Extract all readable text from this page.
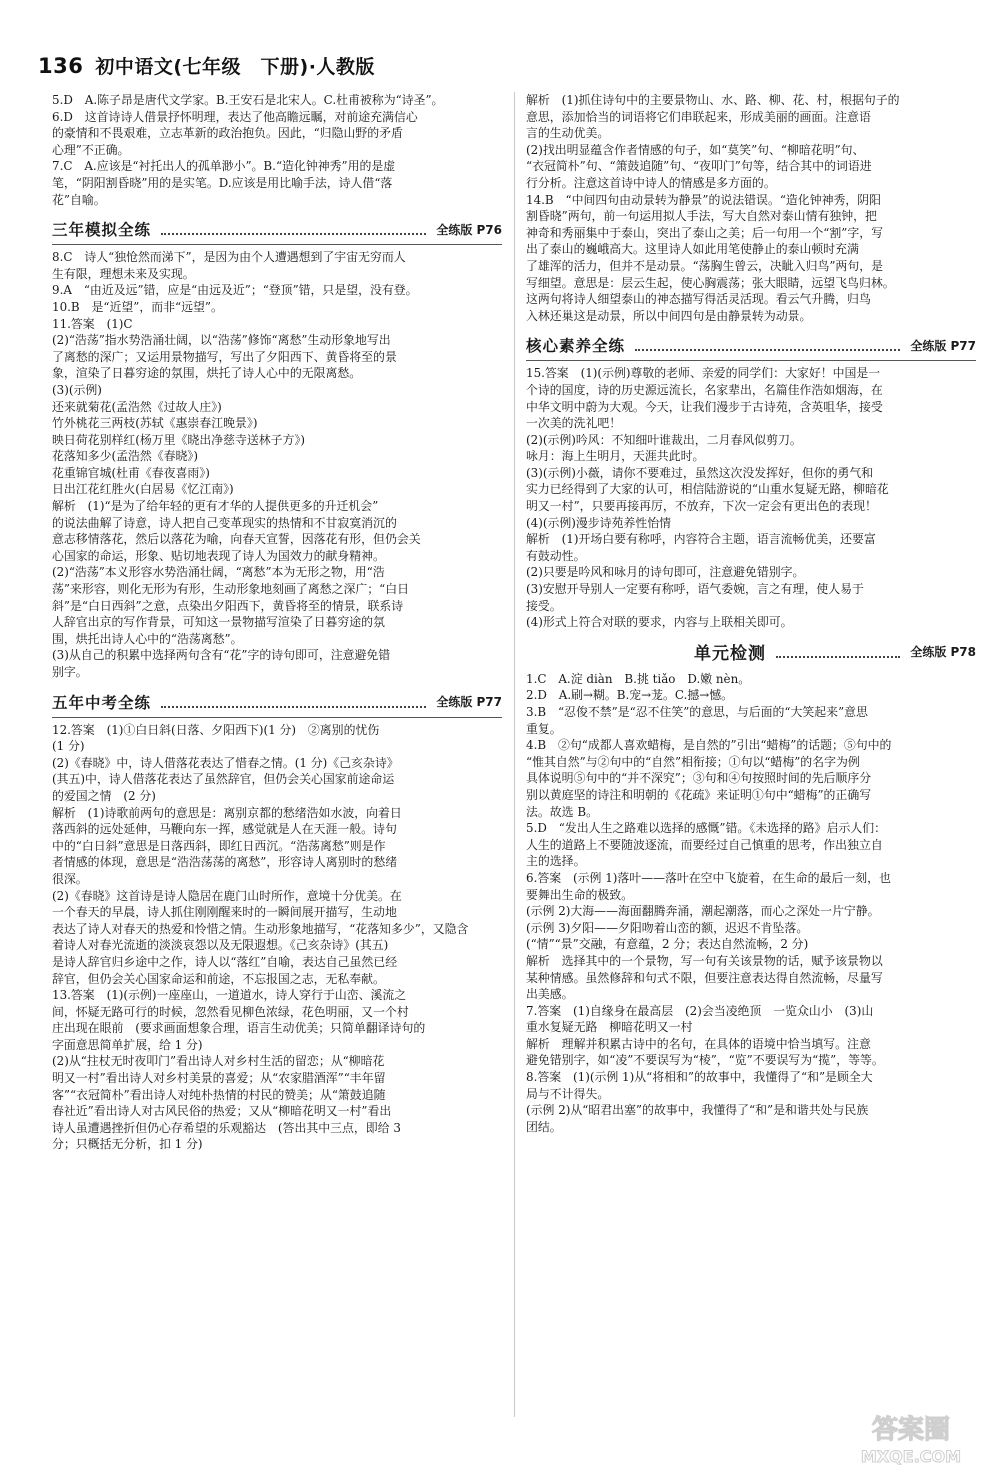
136 初中语文(七年级　下册)·人教版

5.D　A.陈子昂是唐代文学家。B.王安石是北宋人。C.杜甫被称为“诗圣”。

6.D　这首诗诗人借景抒怀明理，表达了他高瞻远瞩，对前途充满信心

的豪情和不畏艰难，立志革新的政治抱负。因此，“归隐山野的矛盾

心理”不正确。

7.C　A.应该是“衬托出人的孤单渺小”。B.“造化钟神秀”用的是虚

笔，“阴阳割昏晓”用的是实笔。D.应该是用比喻手法，诗人借“落

花”自喻。

三年模拟全练	全练版 P76

8.C　诗人“独怆然而涕下”，是因为由个人遭遇想到了宇宙无穷而人

生有限，理想未来及实现。

9.A　“由近及远”错，应是“由远及近”；“登顶”错，只是望，没有登。

10.B　是“近望”，而非“远望”。

11.答案　(1)C

(2)“浩荡”指水势浩涌壮阔，以“浩荡”修饰“离愁”生动形象地写出

了离愁的深广；又运用景物描写，写出了夕阳西下、黄昏将至的景

象，渲染了日暮穷途的氛围，烘托了诗人心中的无限离愁。

(3)(示例)

还来就菊花(孟浩然《过故人庄》)

竹外桃花三两枝(苏轼《惠崇春江晚景》)

映日荷花别样红(杨万里《晓出净慈寺送林子方》)

花落知多少(孟浩然《春晓》)

花重锦官城(杜甫《春夜喜雨》)

日出江花红胜火(白居易《忆江南》)

解析　(1)“是为了给年轻的更有才华的人提供更多的升迁机会”

的说法曲解了诗意，诗人把自己变革现实的热情和不甘寂寞消沉的

意志移情落花，然后以落花为喻，向春天宣誓，因落花有形，但仍会关

心国家的命运，形象、贴切地表现了诗人为国效力的献身精神。

(2)“浩荡”本义形容水势浩涌壮阔，“离愁”本为无形之物，用“浩

荡”来形容，则化无形为有形，生动形象地刻画了离愁之深广；“白日

斜”是“白日西斜”之意，点染出夕阳西下，黄昏将至的情景，联系诗

人辞官出京的写作背景，可知这一景物描写渲染了日暮穷途的氛

围，烘托出诗人心中的“浩荡离愁”。

(3)从自己的积累中选择两句含有“花”字的诗句即可，注意避免错

别字。

五年中考全练	全练版 P77

12.答案　(1)①白日斜(日落、夕阳西下)(1 分)　②离别的忧伤

(1 分)

(2)《春晓》中，诗人借落花表达了惜春之情。(1 分)《己亥杂诗》

(其五)中，诗人借落花表达了虽然辞官，但仍会关心国家前途命运

的爱国之情　(2 分)

解析　(1)诗歌前两句的意思是：离别京都的愁绪浩如水波，向着日

落西斜的远处延伸，马鞭向东一挥，感觉就是人在天涯一般。诗句

中的“白日斜”意思是日落西斜，即红日西沉。“浩荡离愁”则是作

者情感的体现，意思是“浩浩荡荡的离愁”，形容诗人离别时的愁绪

很深。

(2)《春晓》这首诗是诗人隐居在鹿门山时所作，意境十分优美。在

一个春天的早晨，诗人抓住刚刚醒来时的一瞬间展开描写，生动地

表达了诗人对春天的热爱和怜惜之情。生动形象地描写，“花落知多少”，又隐含

着诗人对春光流逝的淡淡哀怨以及无限遐想。《己亥杂诗》(其五)

是诗人辞官归乡途中之作，诗人以“落红”自喻，表达自己虽然已经

辞官，但仍会关心国家命运和前途，不忘报国之志，无私奉献。

13.答案　(1)(示例)一座座山，一道道水，诗人穿行于山峦、溪流之

间，怀疑无路可行的时候，忽然看见柳色浓绿，花色明丽，又一个村

庄出现在眼前　(要求画面想象合理，语言生动优美；只简单翻译诗句的

字面意思简单扩展，给 1 分)

(2)从“拄杖无时夜叩门”看出诗人对乡村生活的留恋；从“柳暗花

明又一村”看出诗人对乡村美景的喜爱；从“农家腊酒浑”“丰年留

客”“衣冠简朴”看出诗人对纯朴热情的村民的赞美；从“箫鼓追随

春社近”看出诗人对古风民俗的热爱；又从“柳暗花明又一村”看出

诗人虽遭遇挫折但仍心存希望的乐观豁达　(答出其中三点，即给 3

分；只概括无分析，扣 1 分)

解析　(1)抓住诗句中的主要景物山、水、路、柳、花、村，根据句子的

意思，添加恰当的词语将它们串联起来，形成美丽的画面。注意语

言的生动优美。

(2)找出明显蕴含作者情感的句子，如“莫笑”句、“柳暗花明”句、

“衣冠简朴”句、“箫鼓追随”句、“夜叩门”句等，结合其中的词语进

行分析。注意这首诗中诗人的情感是多方面的。

14.B　“中间四句由动景转为静景”的说法错误。“造化钟神秀，阴阳

割昏晓”两句，前一句运用拟人手法，写大自然对泰山情有独钟，把

神奇和秀丽集中于泰山，突出了泰山之美；后一句用一个“割”字，写

出了泰山的巍峨高大。这里诗人如此用笔使静止的泰山顿时充满

了雄浑的活力，但并不是动景。“荡胸生曾云，决眦入归鸟”两句，是

写细望。意思是：层云生起，使心胸震荡；张大眼睛，远望飞鸟归林。

这两句将诗人细望泰山的神态描写得活灵活现。看云气升腾，归鸟

入林还巢这是动景，所以中间四句是由静景转为动景。

核心素养全练	全练版 P77

15.答案　(1)(示例)尊敬的老师、亲爱的同学们：大家好！中国是一

个诗的国度，诗的历史源远流长，名家辈出，名篇佳作浩如烟海，在

中华文明中蔚为大观。今天，让我们漫步于古诗苑，含英咀华，接受

一次美的洗礼吧！

(2)(示例)吟风：不知细叶谁裁出，二月春风似剪刀。

咏月：海上生明月，天涯共此时。

(3)(示例)小薇，请你不要难过，虽然这次没发挥好，但你的勇气和

实力已经得到了大家的认可，相信陆游说的“山重水复疑无路，柳暗花

明又一村”，只要再接再厉，不放弃，下次一定会有更出色的表现！

(4)(示例)漫步诗苑养性怡情

解析　(1)开场白要有称呼，内容符合主题，语言流畅优美，还要富

有鼓动性。

(2)只要是吟风和咏月的诗句即可，注意避免错别字。

(3)安慰开导别人一定要有称呼，语气委婉，言之有理，使人易于

接受。

(4)形式上符合对联的要求，内容与上联相关即可。

单元检测	全练版 P78

1.C　A.淀 diàn　B.挑 tiǎo　D.嫩 nèn。

2.D　A.刷→糊。B.宠→茏。C.撼→憾。

3.B　“忍俊不禁”是“忍不住笑”的意思，与后面的“大笑起来”意思

重复。

4.B　②句“成都人喜欢蜡梅，是自然的”引出“蜡梅”的话题；⑤句中的

“惟其自然”与②句中的“自然”相衔接；①句以“蜡梅”的名字为例

具体说明⑤句中的“并不深究”；③句和④句按照时间的先后顺序分

别以黄庭坚的诗注和明朝的《花疏》来证明①句中“蜡梅”的正确写

法。故选 B。

5.D　“发出人生之路难以选择的感慨”错。《未选择的路》启示人们：

人生的道路上不要随波逐流，而要经过自己慎重的思考，作出独立自

主的选择。

6.答案　(示例 1)落叶——落叶在空中飞旋着，在生命的最后一刻，也

要舞出生命的极致。

(示例 2)大海——海面翻腾奔涌，潮起潮落，而心之深处一片宁静。

(示例 3)夕阳——夕阳吻着山峦的额，迟迟不肯坠落。

(“情”“景”交融，有意蕴，2 分；表达自然流畅，2 分)

解析　选择其中的一个景物，写一句有关该景物的话，赋予该景物以

某种情感。虽然修辞和句式不限，但要注意表达得自然流畅，尽量写

出美感。

7.答案　(1)自缘身在最高层　(2)会当凌绝顶　一览众山小　(3)山

重水复疑无路　柳暗花明又一村

解析　理解并积累古诗中的名句，在具体的语境中恰当填写。注意

避免错别字，如“凌”不要误写为“棱”，“览”不要误写为“揽”，等等。

8.答案　(1)(示例 1)从“将相和”的故事中，我懂得了“和”是顾全大

局与不计得失。

(示例 2)从“昭君出塞”的故事中，我懂得了“和”是和谐共处与民族

团结。

答案圈
MXQE.COM
